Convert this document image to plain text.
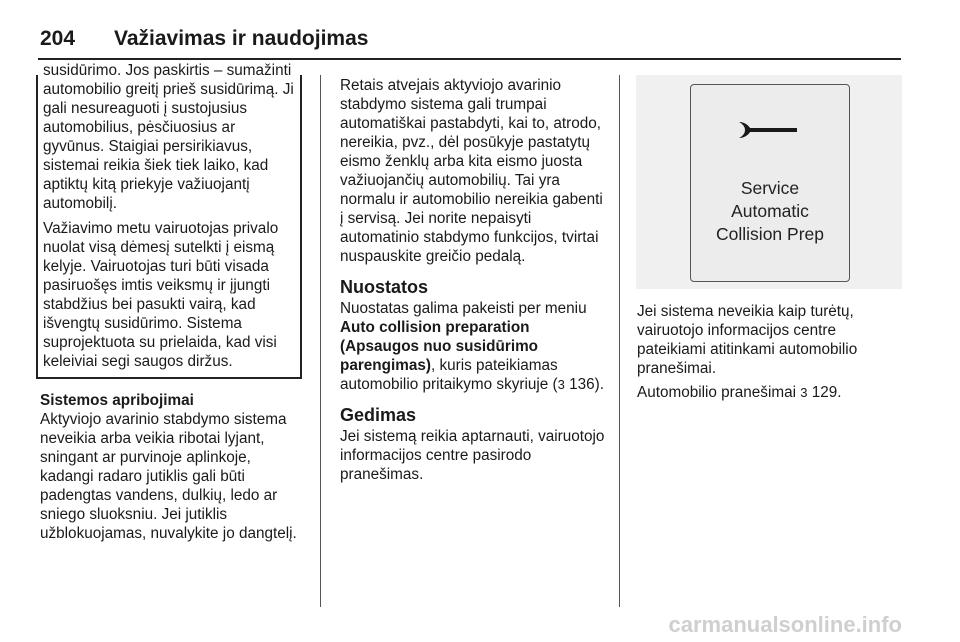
204	Važiavimas ir naudojimas

susidūrimo. Jos paskirtis – sumažinti automobilio greitį prieš susidūrimą. Ji gali nesureaguoti į sustojusius automobilius, pėsčiuosius ar gyvūnus. Staigiai persirikiavus, sistemai reikia šiek tiek laiko, kad aptiktų kitą priekyje važiuojantį automobilį.

Važiavimo metu vairuotojas privalo nuolat visą dėmesį sutelkti į eismą kelyje. Vairuotojas turi būti visada pasiruošęs imtis veiksmų ir įjungti stabdžius bei pasukti vairą, kad išvengtų susidūrimo. Sistema suprojektuota su prielaida, kad visi keleiviai segi saugos diržus.

Sistemos apribojimai

Aktyviojo avarinio stabdymo sistema neveikia arba veikia ribotai lyjant, sningant ar purvinoje aplinkoje, kadangi radaro jutiklis gali būti padengtas vandens, dulkių, ledo ar sniego sluoksniu. Jei jutiklis užblokuojamas, nuvalykite jo dangtelį.

Retais atvejais aktyviojo avarinio stabdymo sistema gali trumpai automatiškai pastabdyti, kai to, atrodo, nereikia, pvz., dėl posūkyje pastatytų eismo ženklų arba kita eismo juosta važiuojančių automobilių. Tai yra normalu ir automobilio nereikia gabenti į servisą. Jei norite nepaisyti automatinio stabdymo funkcijos, tvirtai nuspauskite greičio pedalą.

Nuostatos

Nuostatas galima pakeisti per meniu Auto collision preparation (Apsaugos nuo susidūrimo parengimas), kuris pateikiamas automobilio pritaikymo skyriuje (3 136).

Gedimas

Jei sistemą reikia aptarnauti, vairuotojo informacijos centre pasirodo pranešimas.

Service
Automatic
Collision Prep

Jei sistema neveikia kaip turėtų, vairuotojo informacijos centre pateikiami atitinkami automobilio pranešimai.

Automobilio pranešimai 3 129.

carmanualsonline.info
